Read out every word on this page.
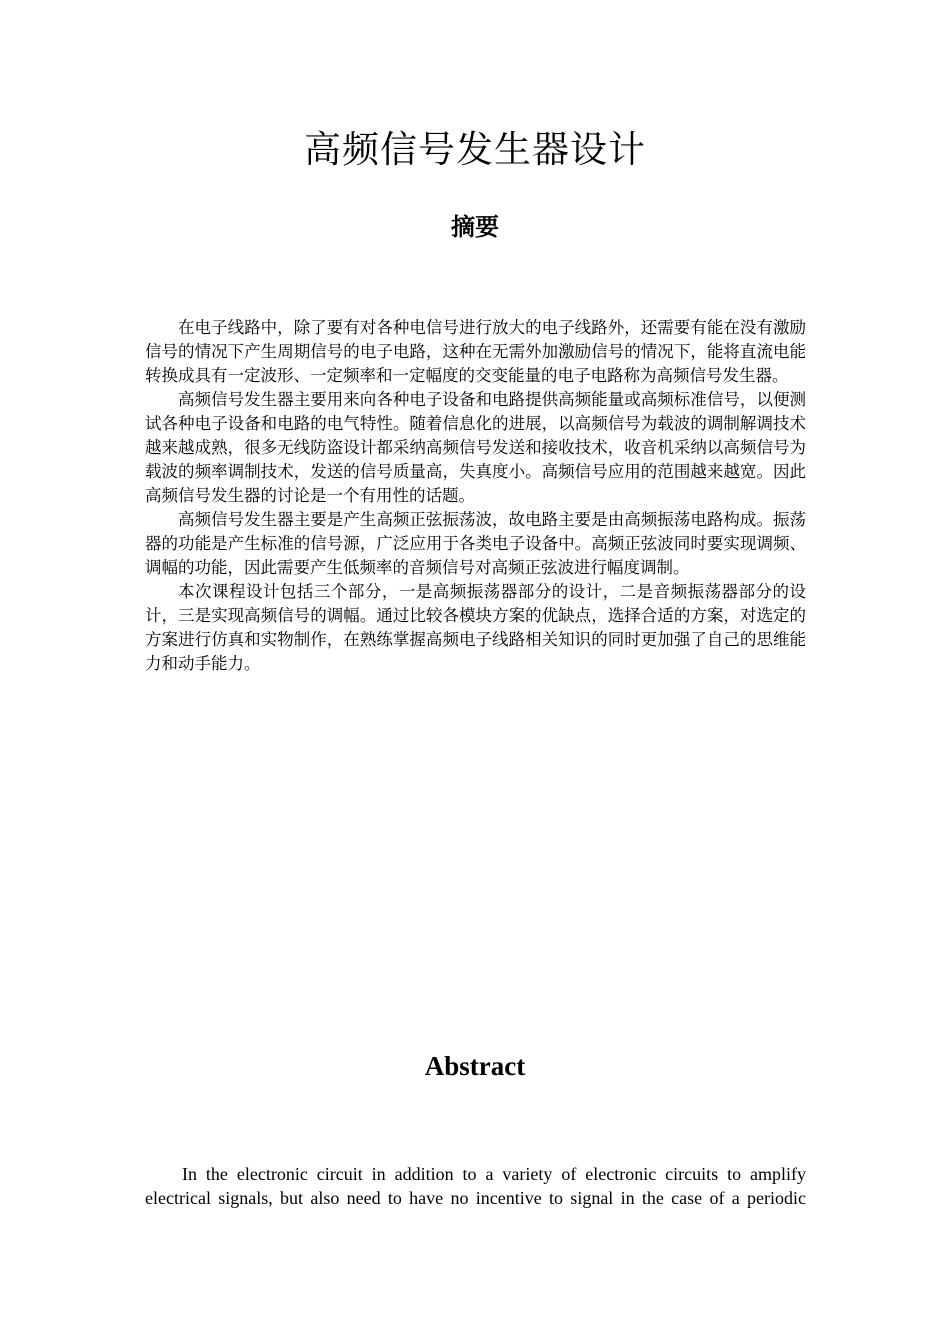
高频信号发生器设计
摘要

在电子线路中，除了要有对各种电信号进行放大的电子线路外，还需要有能在没有激励信号的情况下产生周期信号的电子电路，这种在无需外加激励信号的情况下，能将直流电能转换成具有一定波形、一定频率和一定幅度的交变能量的电子电路称为高频信号发生器。

高频信号发生器主要用来向各种电子设备和电路提供高频能量或高频标准信号，以便测试各种电子设备和电路的电气特性。随着信息化的进展，以高频信号为载波的调制解调技术越来越成熟，很多无线防盗设计都采纳高频信号发送和接收技术，收音机采纳以高频信号为载波的频率调制技术，发送的信号质量高，失真度小。高频信号应用的范围越来越宽。因此高频信号发生器的讨论是一个有用性的话题。

高频信号发生器主要是产生高频正弦振荡波，故电路主要是由高频振荡电路构成。振荡器的功能是产生标准的信号源，广泛应用于各类电子设备中。高频正弦波同时要实现调频、调幅的功能，因此需要产生低频率的音频信号对高频正弦波进行幅度调制。

本次课程设计包括三个部分，一是高频振荡器部分的设计，二是音频振荡器部分的设计，三是实现高频信号的调幅。通过比较各模块方案的优缺点，选择合适的方案，对选定的方案进行仿真和实物制作，在熟练掌握高频电子线路相关知识的同时更加强了自己的思维能力和动手能力。

Abstract

In the electronic circuit in addition to a variety of electronic circuits to amplify electrical signals, but also need to have no incentive to signal in the case of a periodic
